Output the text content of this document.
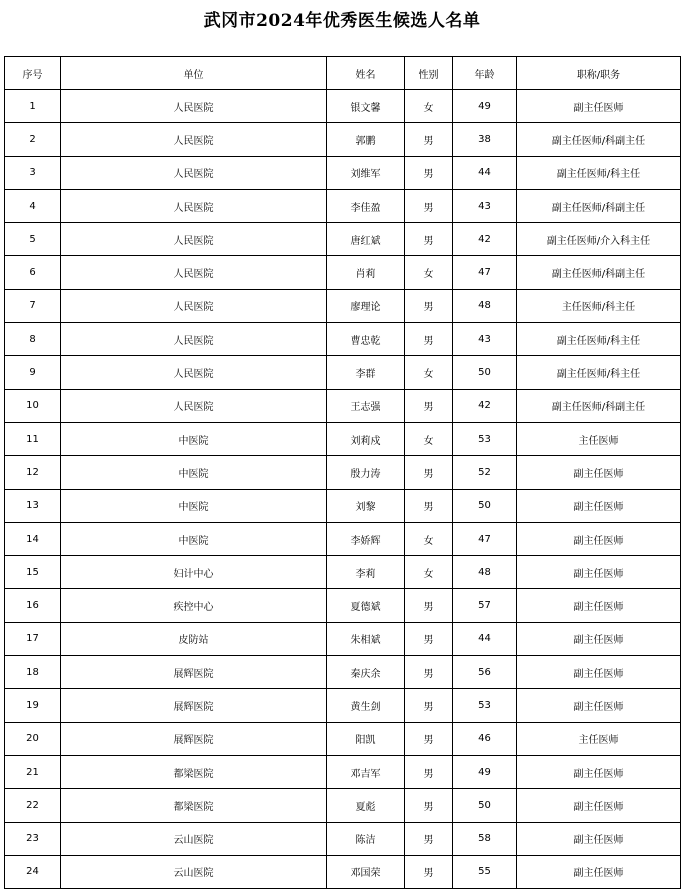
武冈市2024年优秀医生候选人名单
序号	单位	姓名	性别	年龄	职称/职务
1	人民医院	银文馨	女	49	副主任医师
2	人民医院	郭鹏	男	38	副主任医师/科副主任
3	人民医院	刘维军	男	44	副主任医师/科主任
4	人民医院	李佳盈	男	43	副主任医师/科副主任
5	人民医院	唐红斌	男	42	副主任医师/介入科主任
6	人民医院	肖莉	女	47	副主任医师/科副主任
7	人民医院	廖理论	男	48	主任医师/科主任
8	人民医院	曹忠乾	男	43	副主任医师/科主任
9	人民医院	李群	女	50	副主任医师/科主任
10	人民医院	王志强	男	42	副主任医师/科副主任
11	中医院	刘莉戍	女	53	主任医师
12	中医院	殷力涛	男	52	副主任医师
13	中医院	刘黎	男	50	副主任医师
14	中医院	李娇辉	女	47	副主任医师
15	妇计中心	李莉	女	48	副主任医师
16	疾控中心	夏德斌	男	57	副主任医师
17	皮防站	朱相斌	男	44	副主任医师
18	展辉医院	秦庆余	男	56	副主任医师
19	展辉医院	黄生剑	男	53	副主任医师
20	展辉医院	阳凯	男	46	主任医师
21	都梁医院	邓吉军	男	49	副主任医师
22	都梁医院	夏彪	男	50	副主任医师
23	云山医院	陈洁	男	58	副主任医师
24	云山医院	邓国荣	男	55	副主任医师
